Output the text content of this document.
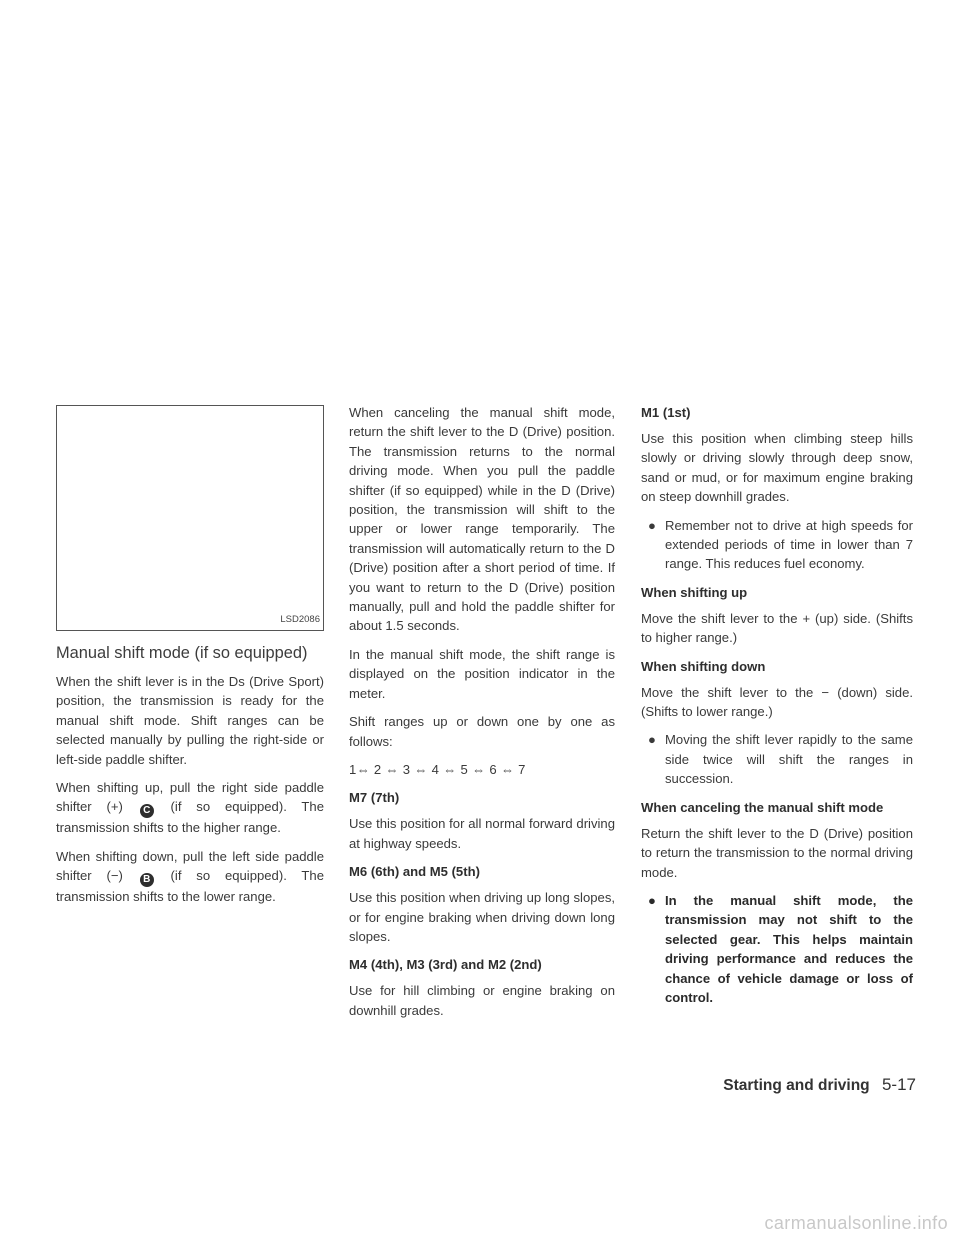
LSD2086
Manual shift mode (if so equipped)

When the shift lever is in the Ds (Drive Sport) position, the transmission is ready for the manual shift mode. Shift ranges can be selected manually by pulling the right-side or left-side paddle shifter.

When shifting up, pull the right side paddle shifter (+) C (if so equipped). The transmission shifts to the higher range.

When shifting down, pull the left side paddle shifter (−) B (if so equipped). The transmission shifts to the lower range.

When canceling the manual shift mode, return the shift lever to the D (Drive) position. The transmission returns to the normal driving mode. When you pull the paddle shifter (if so equipped) while in the D (Drive) position, the transmission will shift to the upper or lower range temporarily. The transmission will automatically return to the D (Drive) position after a short period of time. If you want to return to the D (Drive) position manually, pull and hold the paddle shifter for about 1.5 seconds.

In the manual shift mode, the shift range is displayed on the position indicator in the meter.

Shift ranges up or down one by one as follows:

1⇔ 2 ⇔ 3 ⇔ 4 ⇔ 5 ⇔ 6 ⇔ 7
M7 (7th)

Use this position for all normal forward driving at highway speeds.

M6 (6th) and M5 (5th)

Use this position when driving up long slopes, or for engine braking when driving down long slopes.

M4 (4th), M3 (3rd) and M2 (2nd)

Use for hill climbing or engine braking on downhill grades.

M1 (1st)

Use this position when climbing steep hills slowly or driving slowly through deep snow, sand or mud, or for maximum engine braking on steep downhill grades.

● Remember not to drive at high speeds for extended periods of time in lower than 7 range. This reduces fuel economy.
When shifting up

Move the shift lever to the + (up) side. (Shifts to higher range.)

When shifting down

Move the shift lever to the − (down) side. (Shifts to lower range.)

● Moving the shift lever rapidly to the same side twice will shift the ranges in succession.
When canceling the manual shift mode

Return the shift lever to the D (Drive) position to return the transmission to the normal driving mode.

● In the manual shift mode, the transmission may not shift to the selected gear. This helps maintain driving performance and reduces the chance of vehicle damage or loss of control.
Starting and driving 5-17
carmanualsonline.info
